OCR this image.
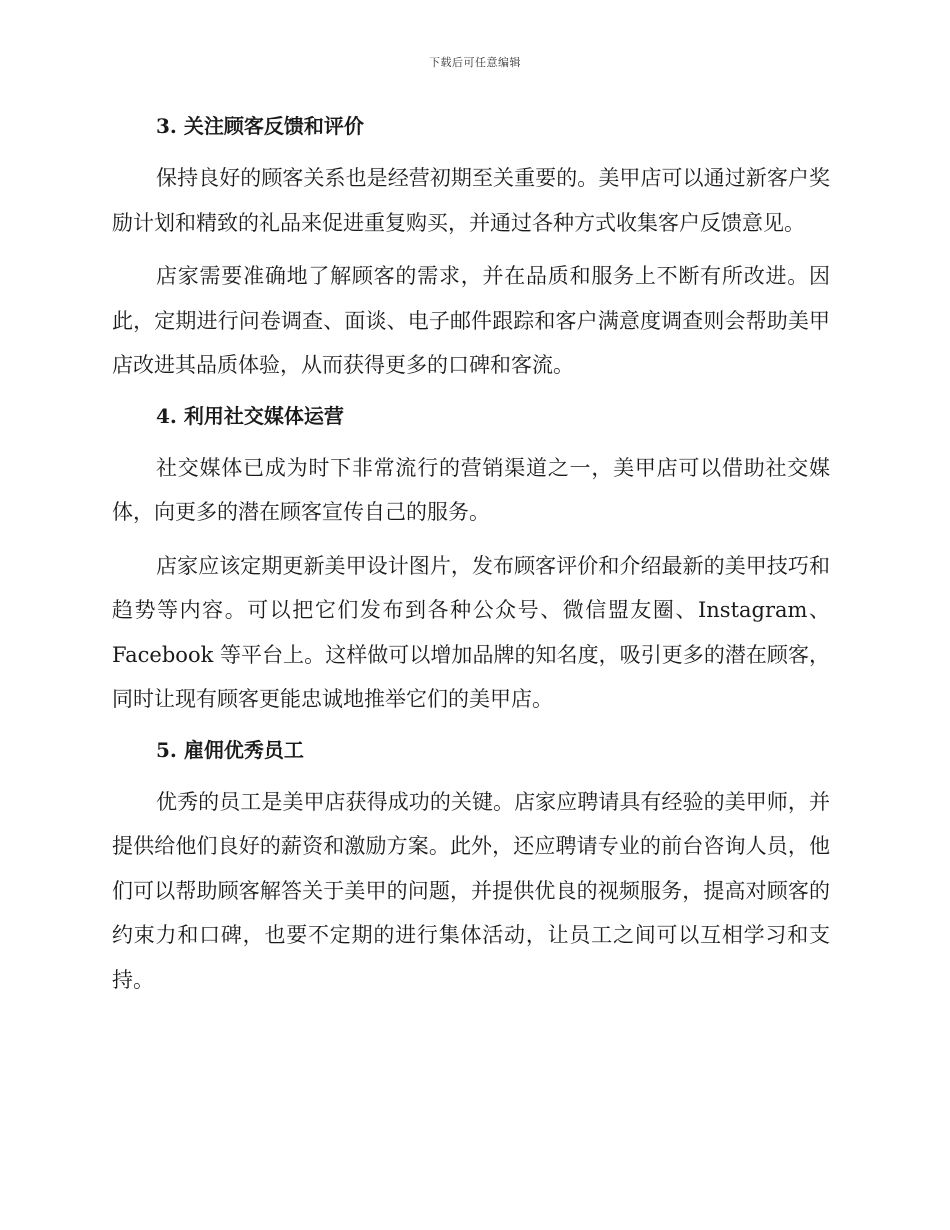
下载后可任意编辑
3. 关注顾客反馈和评价

保持良好的顾客关系也是经营初期至关重要的。美甲店可以通过新客户奖励计划和精致的礼品来促进重复购买，并通过各种方式收集客户反馈意见。

店家需要准确地了解顾客的需求，并在品质和服务上不断有所改进。因此，定期进行问卷调查、面谈、电子邮件跟踪和客户满意度调查则会帮助美甲店改进其品质体验，从而获得更多的口碑和客流。

4. 利用社交媒体运营

社交媒体已成为时下非常流行的营销渠道之一，美甲店可以借助社交媒体，向更多的潜在顾客宣传自己的服务。

店家应该定期更新美甲设计图片，发布顾客评价和介绍最新的美甲技巧和趋势等内容。可以把它们发布到各种公众号、微信盟友圈、Instagram、Facebook 等平台上。这样做可以增加品牌的知名度，吸引更多的潜在顾客，同时让现有顾客更能忠诚地推举它们的美甲店。

5. 雇佣优秀员工

优秀的员工是美甲店获得成功的关键。店家应聘请具有经验的美甲师，并提供给他们良好的薪资和激励方案。此外，还应聘请专业的前台咨询人员，他们可以帮助顾客解答关于美甲的问题，并提供优良的视频服务，提高对顾客的约束力和口碑，也要不定期的进行集体活动，让员工之间可以互相学习和支持。
